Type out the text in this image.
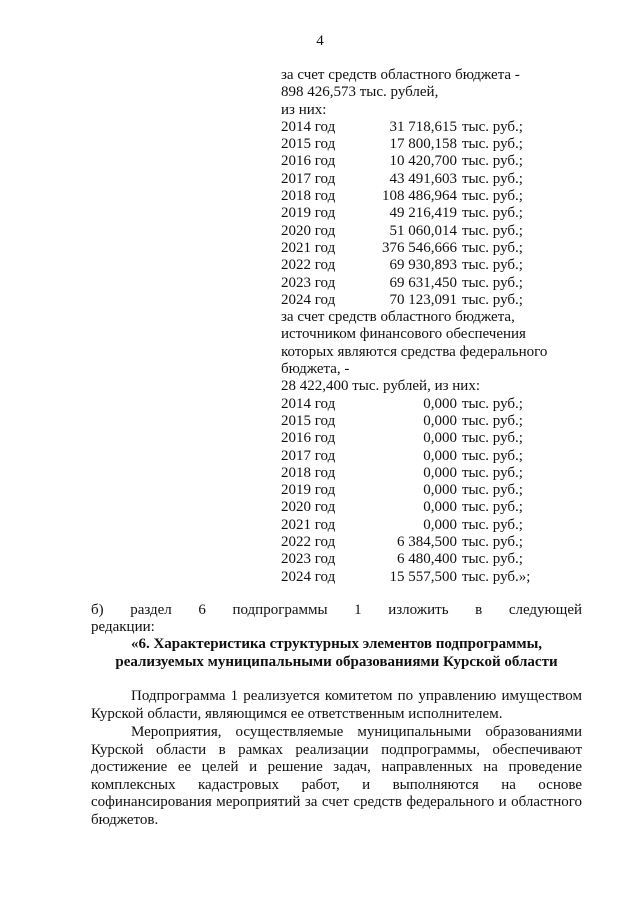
4
за счет средств областного бюджета -
898 426,573 тыс. рублей,
из них:
2014 год	31 718,615 тыс. руб.;
2015 год	17 800,158 тыс. руб.;
2016 год	10 420,700 тыс. руб.;
2017 год	43 491,603 тыс. руб.;
2018 год	108 486,964 тыс. руб.;
2019 год	49 216,419 тыс. руб.;
2020 год	51 060,014 тыс. руб.;
2021 год	376 546,666 тыс. руб.;
2022 год	69 930,893 тыс. руб.;
2023 год	69 631,450 тыс. руб.;
2024 год	70 123,091 тыс. руб.;
за счет средств областного бюджета,
источником финансового обеспечения
которых являются средства федерального
бюджета, -
28 422,400 тыс. рублей, из них:
2014 год	0,000 тыс. руб.;
2015 год	0,000 тыс. руб.;
2016 год	0,000 тыс. руб.;
2017 год	0,000 тыс. руб.;
2018 год	0,000 тыс. руб.;
2019 год	0,000 тыс. руб.;
2020 год	0,000 тыс. руб.;
2021 год	0,000 тыс. руб.;
2022 год	6 384,500 тыс. руб.;
2023 год	6 480,400 тыс. руб.;
2024 год	15 557,500 тыс. руб.»;
б) раздел 6 подпрограммы 1 изложить в следующей
редакции:
«6. Характеристика структурных элементов подпрограммы,
реализуемых муниципальными образованиями Курской области
Подпрограмма 1 реализуется комитетом по управлению имуществом Курской области, являющимся ее ответственным исполнителем.
Мероприятия, осуществляемые муниципальными образованиями Курской области в рамках реализации подпрограммы, обеспечивают достижение ее целей и решение задач, направленных на проведение комплексных кадастровых работ, и выполняются на основе софинансирования мероприятий за счет средств федерального и областного бюджетов.
